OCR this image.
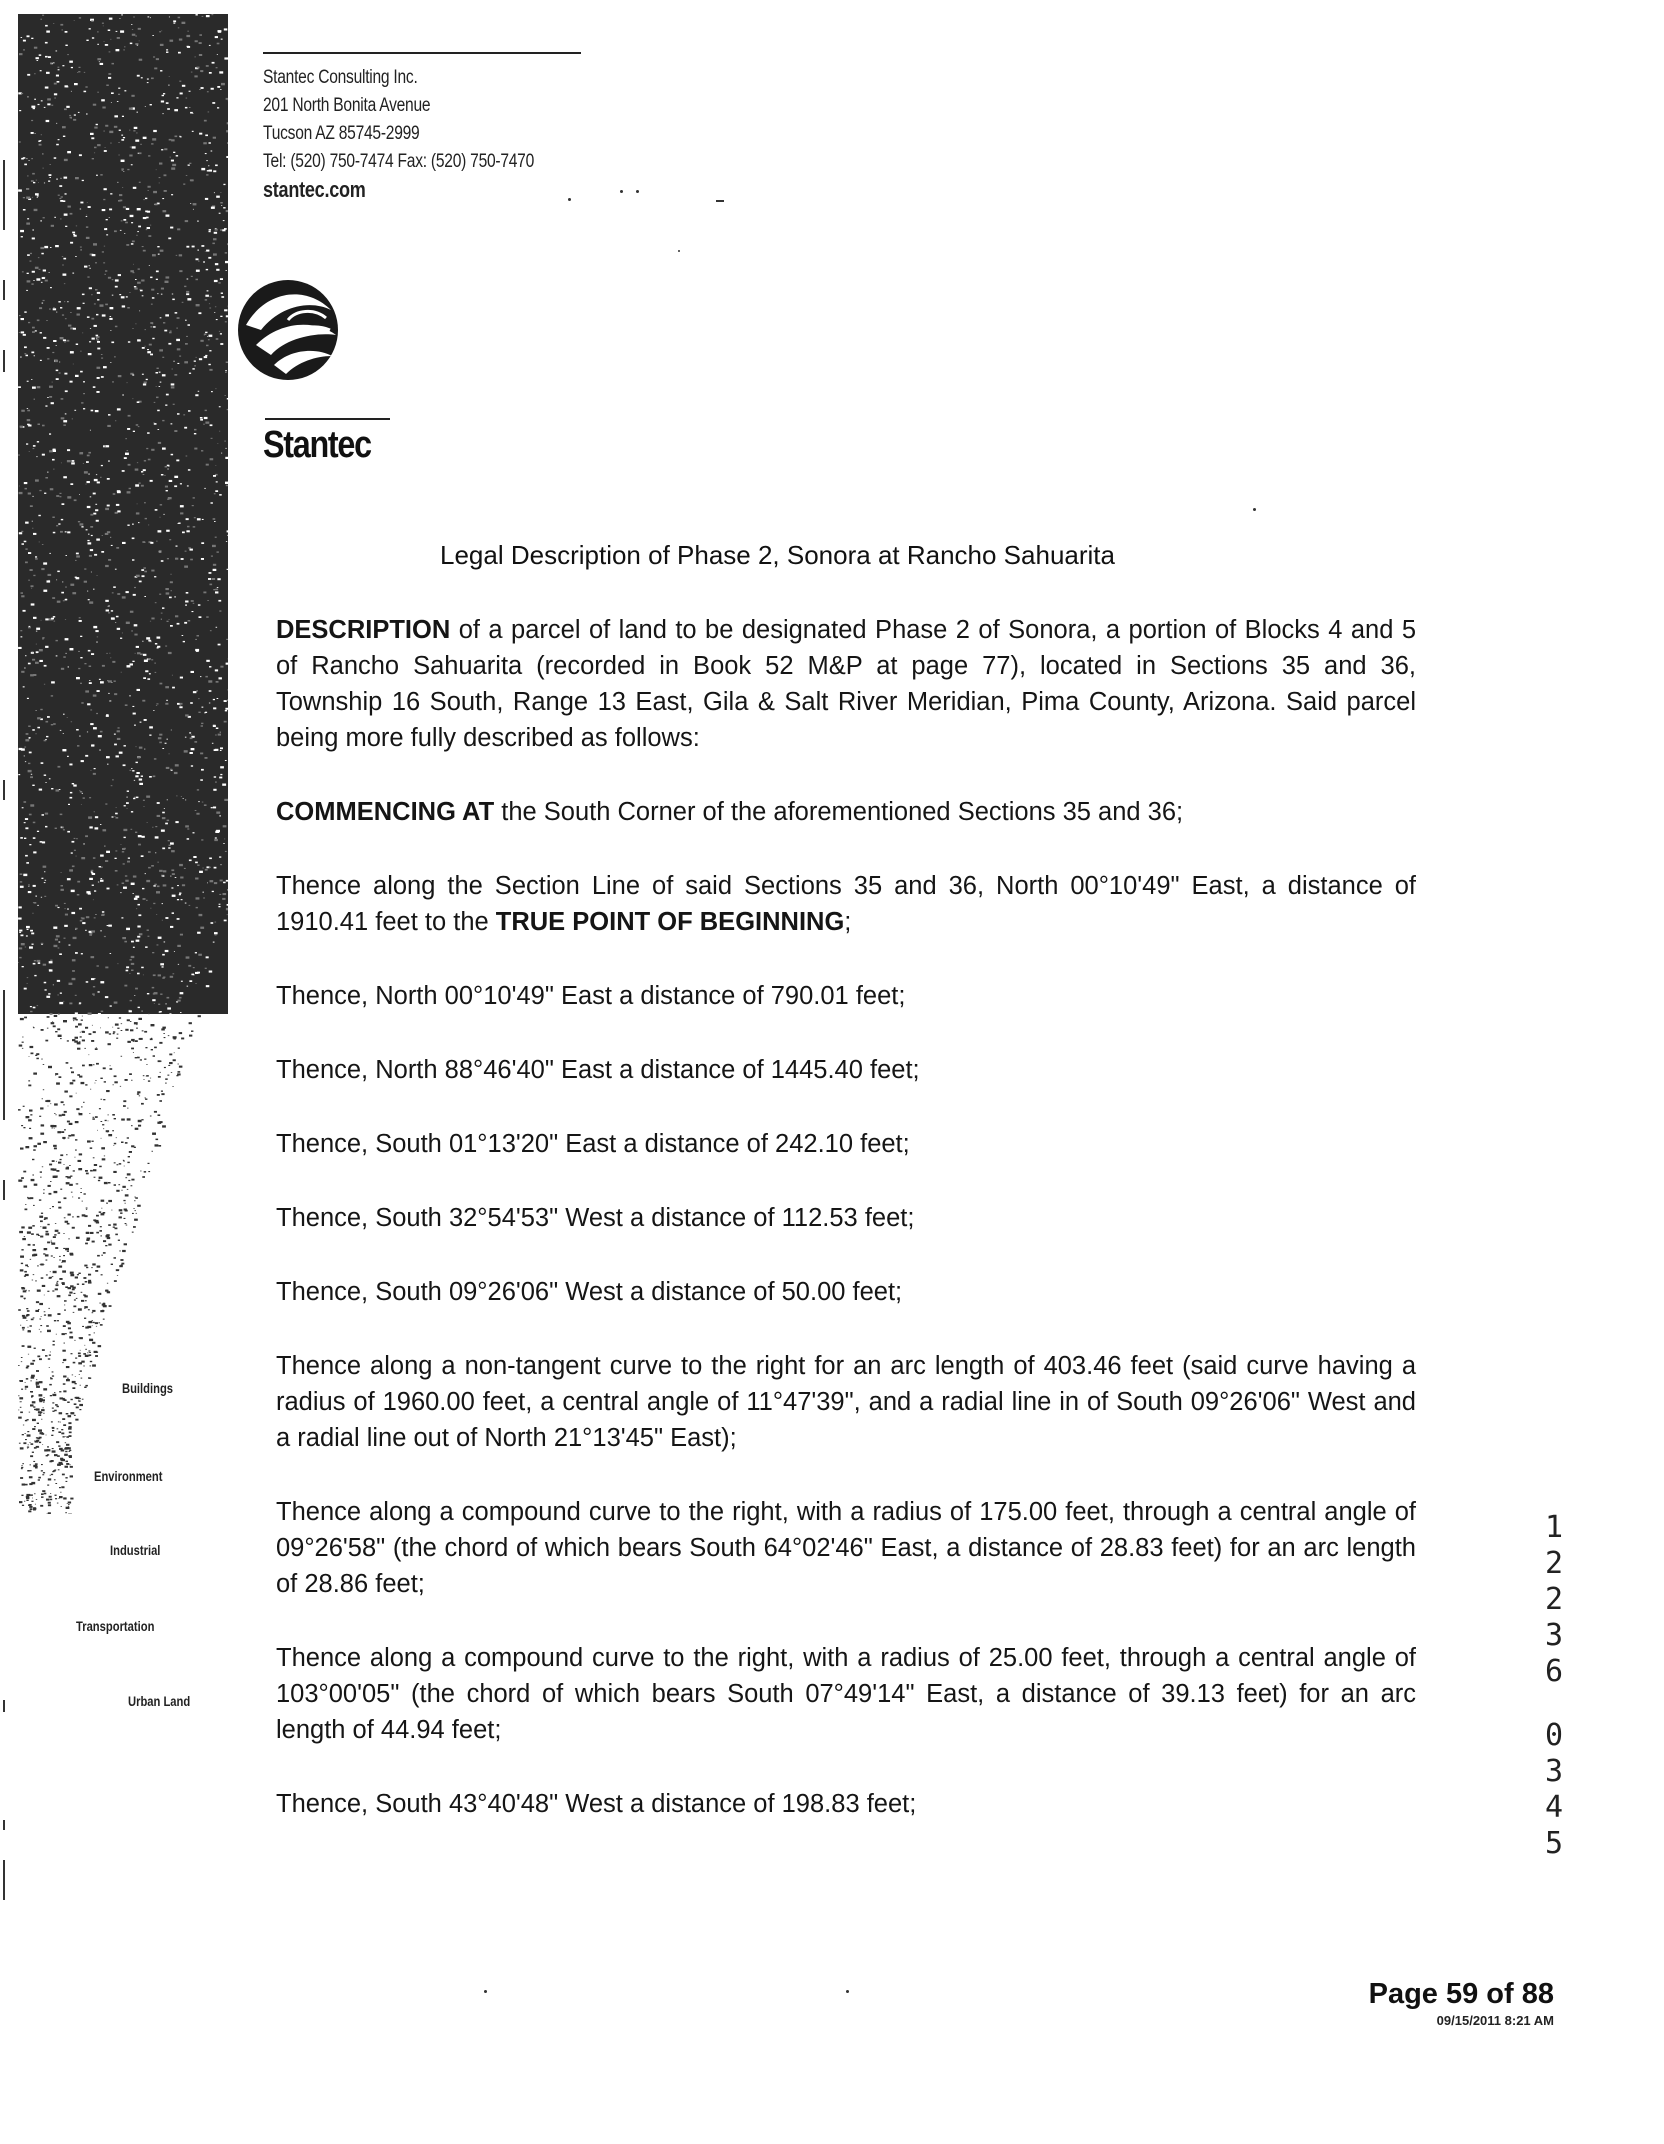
Stantec Consulting Inc.
201 North Bonita Avenue
Tucson AZ 85745-2999
Tel: (520) 750-7474 Fax: (520) 750-7470
stantec.com
Stantec
Buildings
Environment
Industrial
Transportation
Urban Land
Legal Description of Phase 2, Sonora at Rancho Sahuarita

DESCRIPTION of a parcel of land to be designated Phase 2 of Sonora, a portion of Blocks 4 and 5 of Rancho Sahuarita (recorded in Book 52 M&P at page 77), located in Sections 35 and 36, Township 16 South, Range 13 East, Gila & Salt River Meridian, Pima County, Arizona. Said parcel being more fully described as follows:

COMMENCING AT the South Corner of the aforementioned Sections 35 and 36;

Thence along the Section Line of said Sections 35 and 36, North 00°10'49" East, a distance of 1910.41 feet to the TRUE POINT OF BEGINNING;

Thence, North 00°10'49" East a distance of 790.01 feet;

Thence, North 88°46'40" East a distance of 1445.40 feet;

Thence, South 01°13'20" East a distance of 242.10 feet;

Thence, South 32°54'53" West a distance of 112.53 feet;

Thence, South 09°26'06" West a distance of 50.00 feet;

Thence along a non-tangent curve to the right for an arc length of 403.46 feet (said curve having a radius of 1960.00 feet, a central angle of 11°47'39", and a radial line in of South 09°26'06" West and a radial line out of North 21°13'45" East);

Thence along a compound curve to the right, with a radius of 175.00 feet, through a central angle of 09°26'58" (the chord of which bears South 64°02'46" East, a distance of 28.83 feet) for an arc length of 28.86 feet;

Thence along a compound curve to the right, with a radius of 25.00 feet, through a central angle of 103°00'05" (the chord of which bears South 07°49'14" East, a distance of 39.13 feet) for an arc length of 44.94 feet;

Thence, South 43°40'48" West a distance of 198.83 feet;

1
2
2
3
6
0
3
4
5
Page 59 of 88
09/15/2011 8:21 AM
